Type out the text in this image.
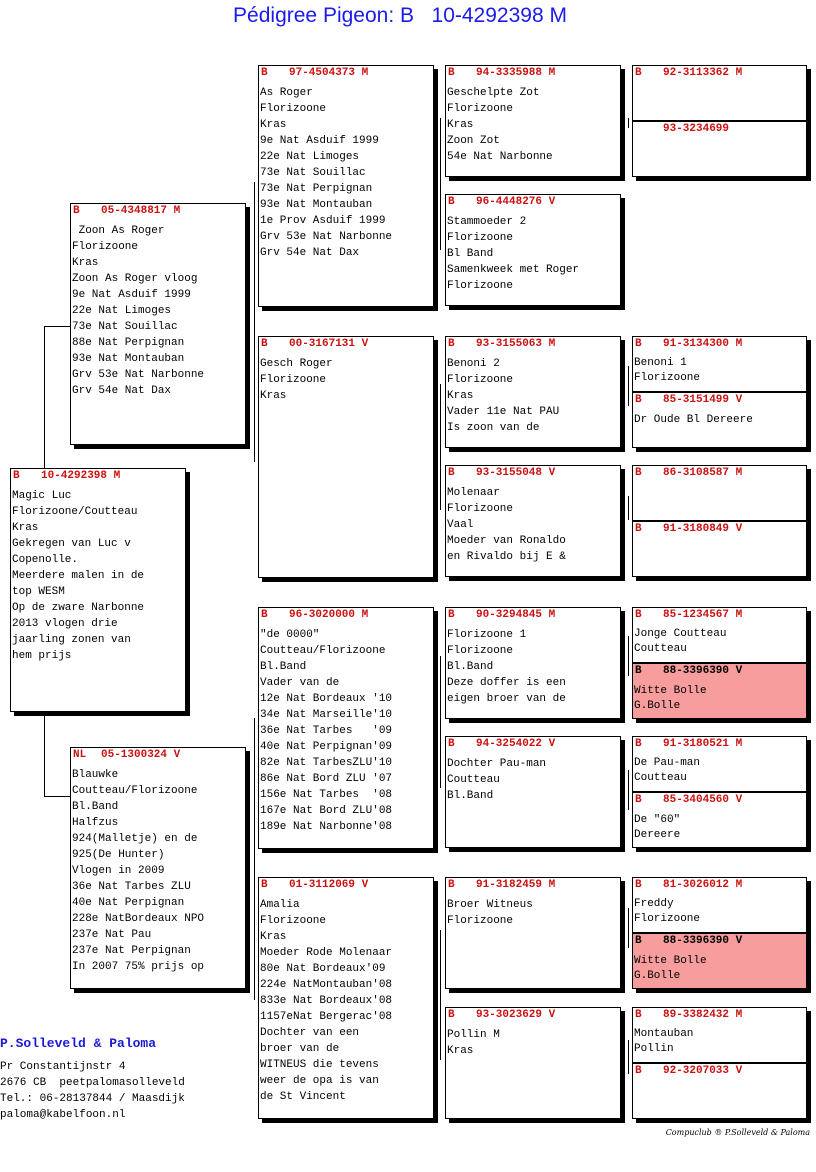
Pédigree Pigeon: B   10-4292398 M
B 10-4292398 M
Magic Luc
Florizoone/Coutteau
Kras
Gekregen van Luc v
Copenolle.
Meerdere malen in de
top WESM
Op de zware Narbonne
2013 vlogen drie
jaarling zonen van
hem prijs
B 05-4348817 M
Zoon As Roger
Florizoone
Kras
Zoon As Roger vloog
9e Nat Asduif 1999
22e Nat Limoges
73e Nat Souillac
88e Nat Perpignan
93e Nat Montauban
Grv 53e Nat Narbonne
Grv 54e Nat Dax
NL 05-1300324 V
Blauwke
Coutteau/Florizoone
Bl.Band
Halfzus
924(Malletje) en de
925(De Hunter)
Vlogen in 2009
36e Nat Tarbes ZLU
40e Nat Perpignan
228e NatBordeaux NPO
237e Nat Pau
237e Nat Perpignan
In 2007 75% prijs op
B 97-4504373 M
As Roger
Florizoone
Kras
9e Nat Asduif 1999
22e Nat Limoges
73e Nat Souillac
73e Nat Perpignan
93e Nat Montauban
1e Prov Asduif 1999
Grv 53e Nat Narbonne
Grv 54e Nat Dax
B 00-3167131 V
Gesch Roger
Florizoone
Kras
B 96-3020000 M
"de 0000"
Coutteau/Florizoone
Bl.Band
Vader van de
12e Nat Bordeaux '10
34e Nat Marseille'10
36e Nat Tarbes   '09
40e Nat Perpignan'09
82e Nat TarbesZLU'10
86e Nat Bord ZLU '07
156e Nat Tarbes  '08
167e Nat Bord ZLU'08
189e Nat Narbonne'08
B 01-3112069 V
Amalia
Florizoone
Kras
Moeder Rode Molenaar
80e Nat Bordeaux'09
224e NatMontauban'08
833e Nat Bordeaux'08
1157eNat Bergerac'08
Dochter van een
broer van de
WITNEUS die tevens
weer de opa is van
de St Vincent
B 94-3335988 M
Geschelpte Zot
Florizoone
Kras
Zoon Zot
54e Nat Narbonne
B 96-4448276 V
Stammoeder 2
Florizoone
Bl Band
Samenkweek met Roger
Florizoone
B 93-3155063 M
Benoni 2
Florizoone
Kras
Vader 11e Nat PAU
Is zoon van de
B 93-3155048 V
Molenaar
Florizoone
Vaal
Moeder van Ronaldo
en Rivaldo bij E &
B 90-3294845 M
Florizoone 1
Florizoone
Bl.Band
Deze doffer is een
eigen broer van de
B 94-3254022 V
Dochter Pau-man
Coutteau
Bl.Band
B 91-3182459 M
Broer Witneus
Florizoone
B 93-3023629 V
Pollin M
Kras
B 92-3113362 M
93-3234699
B 91-3134300 M
Benoni 1
Florizoone
B 85-3151499 V
Dr Oude Bl Dereere
B 86-3108587 M
B 91-3180849 V
B 85-1234567 M
Jonge Coutteau
Coutteau
B 88-3396390 V
Witte Bolle
G.Bolle
B 91-3180521 M
De Pau-man
Coutteau
B 85-3404560 V
De "60"
Dereere
B 81-3026012 M
Freddy
Florizoone
B 88-3396390 V
Witte Bolle
G.Bolle
B 89-3382432 M
Montauban
Pollin
B 92-3207033 V
P.Solleveld & Paloma
Pr Constantijnstr 4
2676 CB  peetpalomasolleveld
Tel.: 06-28137844 / Maasdijk
paloma@kabelfoon.nl
Compuclub ® P.Solleveld & Paloma
